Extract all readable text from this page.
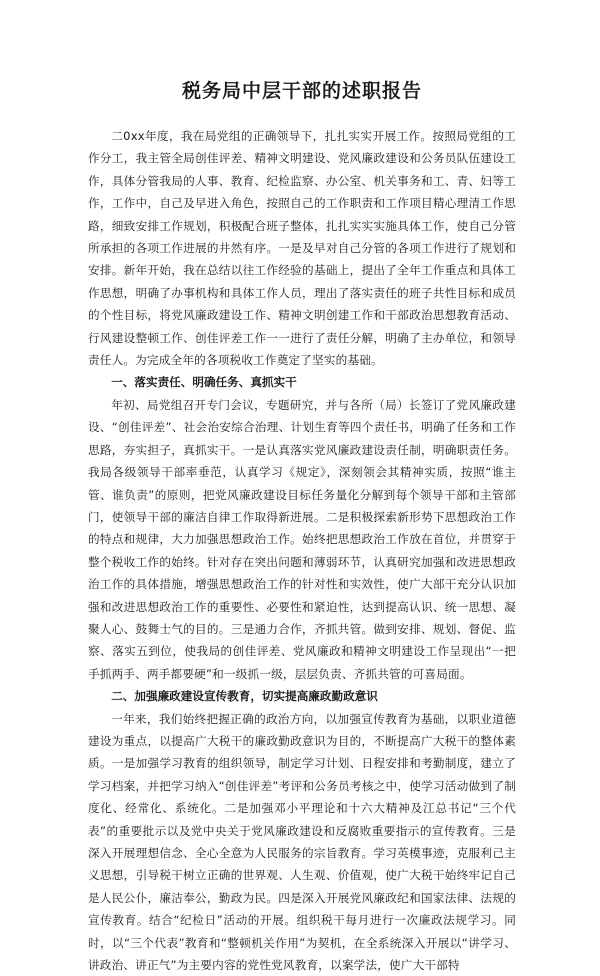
税务局中层干部的述职报告

二0xx年度，我在局党组的正确领导下，扎扎实实开展工作。按照局党组的工作分工，我主管全局创佳评差、精神文明建设、党风廉政建设和公务员队伍建设工作，具体分管我局的人事、教育、纪检监察、办公室、机关事务和工、青、妇等工作，工作中，自己及早进入角色，按照自己的工作职责和工作项目精心理清工作思路，细致安排工作规划，积极配合班子整体，扎扎实实实施具体工作，使自己分管所承担的各项工作进展的井然有序。一是及早对自己分管的各项工作进行了规划和安排。新年开始，我在总结以往工作经验的基础上，提出了全年工作重点和具体工作思想，明确了办事机构和具体工作人员，理出了落实责任的班子共性目标和成员的个性目标，将党风廉政建设工作、精神文明创建工作和干部政治思想教育活动、行风建设整顿工作、创佳评差工作一一进行了责任分解，明确了主办单位，和领导责任人。为完成全年的各项税收工作奠定了坚实的基础。

一、落实责任、明确任务、真抓实干

年初、局党组召开专门会议，专题研究，并与各所（局）长签订了党风廉政建设、“创佳评差”、社会治安综合治理、计划生育等四个责任书，明确了任务和工作思路，夯实担子，真抓实干。一是认真落实党风廉政建设责任制，明确职责任务。我局各级领导干部率垂范，认真学习《规定》，深刻领会其精神实质，按照“谁主管、谁负责”的原则，把党风廉政建设目标任务量化分解到每个领导干部和主管部门，使领导干部的廉洁自律工作取得新进展。二是积极探索新形势下思想政治工作的特点和规律，大力加强思想政治工作。始终把思想政治工作放在首位，并贯穿于整个税收工作的始终。针对存在突出问题和薄弱环节，认真研究加强和改进思想政治工作的具体措施，增强思想政治工作的针对性和实效性，使广大部干充分认识加强和改进思想政治工作的重要性、必要性和紧迫性，达到提高认识、统一思想、凝聚人心、鼓舞士气的目的。三是通力合作，齐抓共管。做到安排、规划、督促、监察、落实五到位，使我局的创佳评差、党风廉政和精神文明建设工作呈现出“一把手抓两手、两手都要硬”和一级抓一级，层层负责、齐抓共管的可喜局面。

二、加强廉政建设宣传教育，切实提高廉政勤政意识

一年来，我们始终把握正确的政治方向，以加强宣传教育为基础，以职业道德建设为重点，以提高广大税干的廉政勤政意识为目的，不断提高广大税干的整体素质。一是加强学习教育的组织领导，制定学习计划、日程安排和考勤制度，建立了学习档案，并把学习纳入“创佳评差”考评和公务员考核之中，使学习活动做到了制度化、经常化、系统化。二是加强邓小平理论和十六大精神及江总书记“三个代表”的重要批示以及党中央关于党风廉政建设和反腐败重要指示的宣传教育。三是深入开展理想信念、全心全意为人民服务的宗旨教育。学习英模事迹，克服利己主义思想，引导税干树立正确的世界观、人生观、价值观，使广大税干始终牢记自己是人民公仆，廉洁奉公，勤政为民。四是深入开展党风廉政纪和国家法律、法规的宣传教育。结合“纪检日”活动的开展。组织税干每月进行一次廉政法规学习。同时，以“三个代表”教育和“整顿机关作用”为契机，在全系统深入开展以“讲学习、讲政治、讲正气”为主要内容的党性党风教育，以案学法，使广大干部特
